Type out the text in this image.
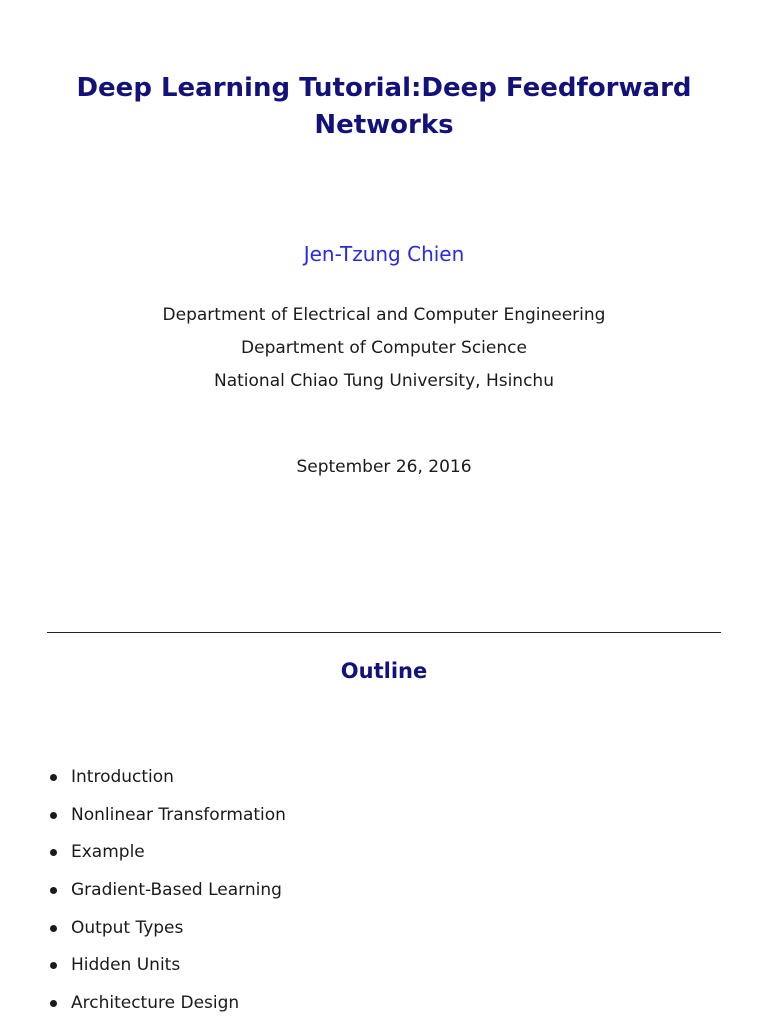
Deep Learning Tutorial:Deep Feedforward
Networks
Jen-Tzung Chien
Department of Electrical and Computer Engineering
Department of Computer Science
National Chiao Tung University, Hsinchu
September 26, 2016
Outline
Introduction
Nonlinear Transformation
Example
Gradient-Based Learning
Output Types
Hidden Units
Architecture Design
